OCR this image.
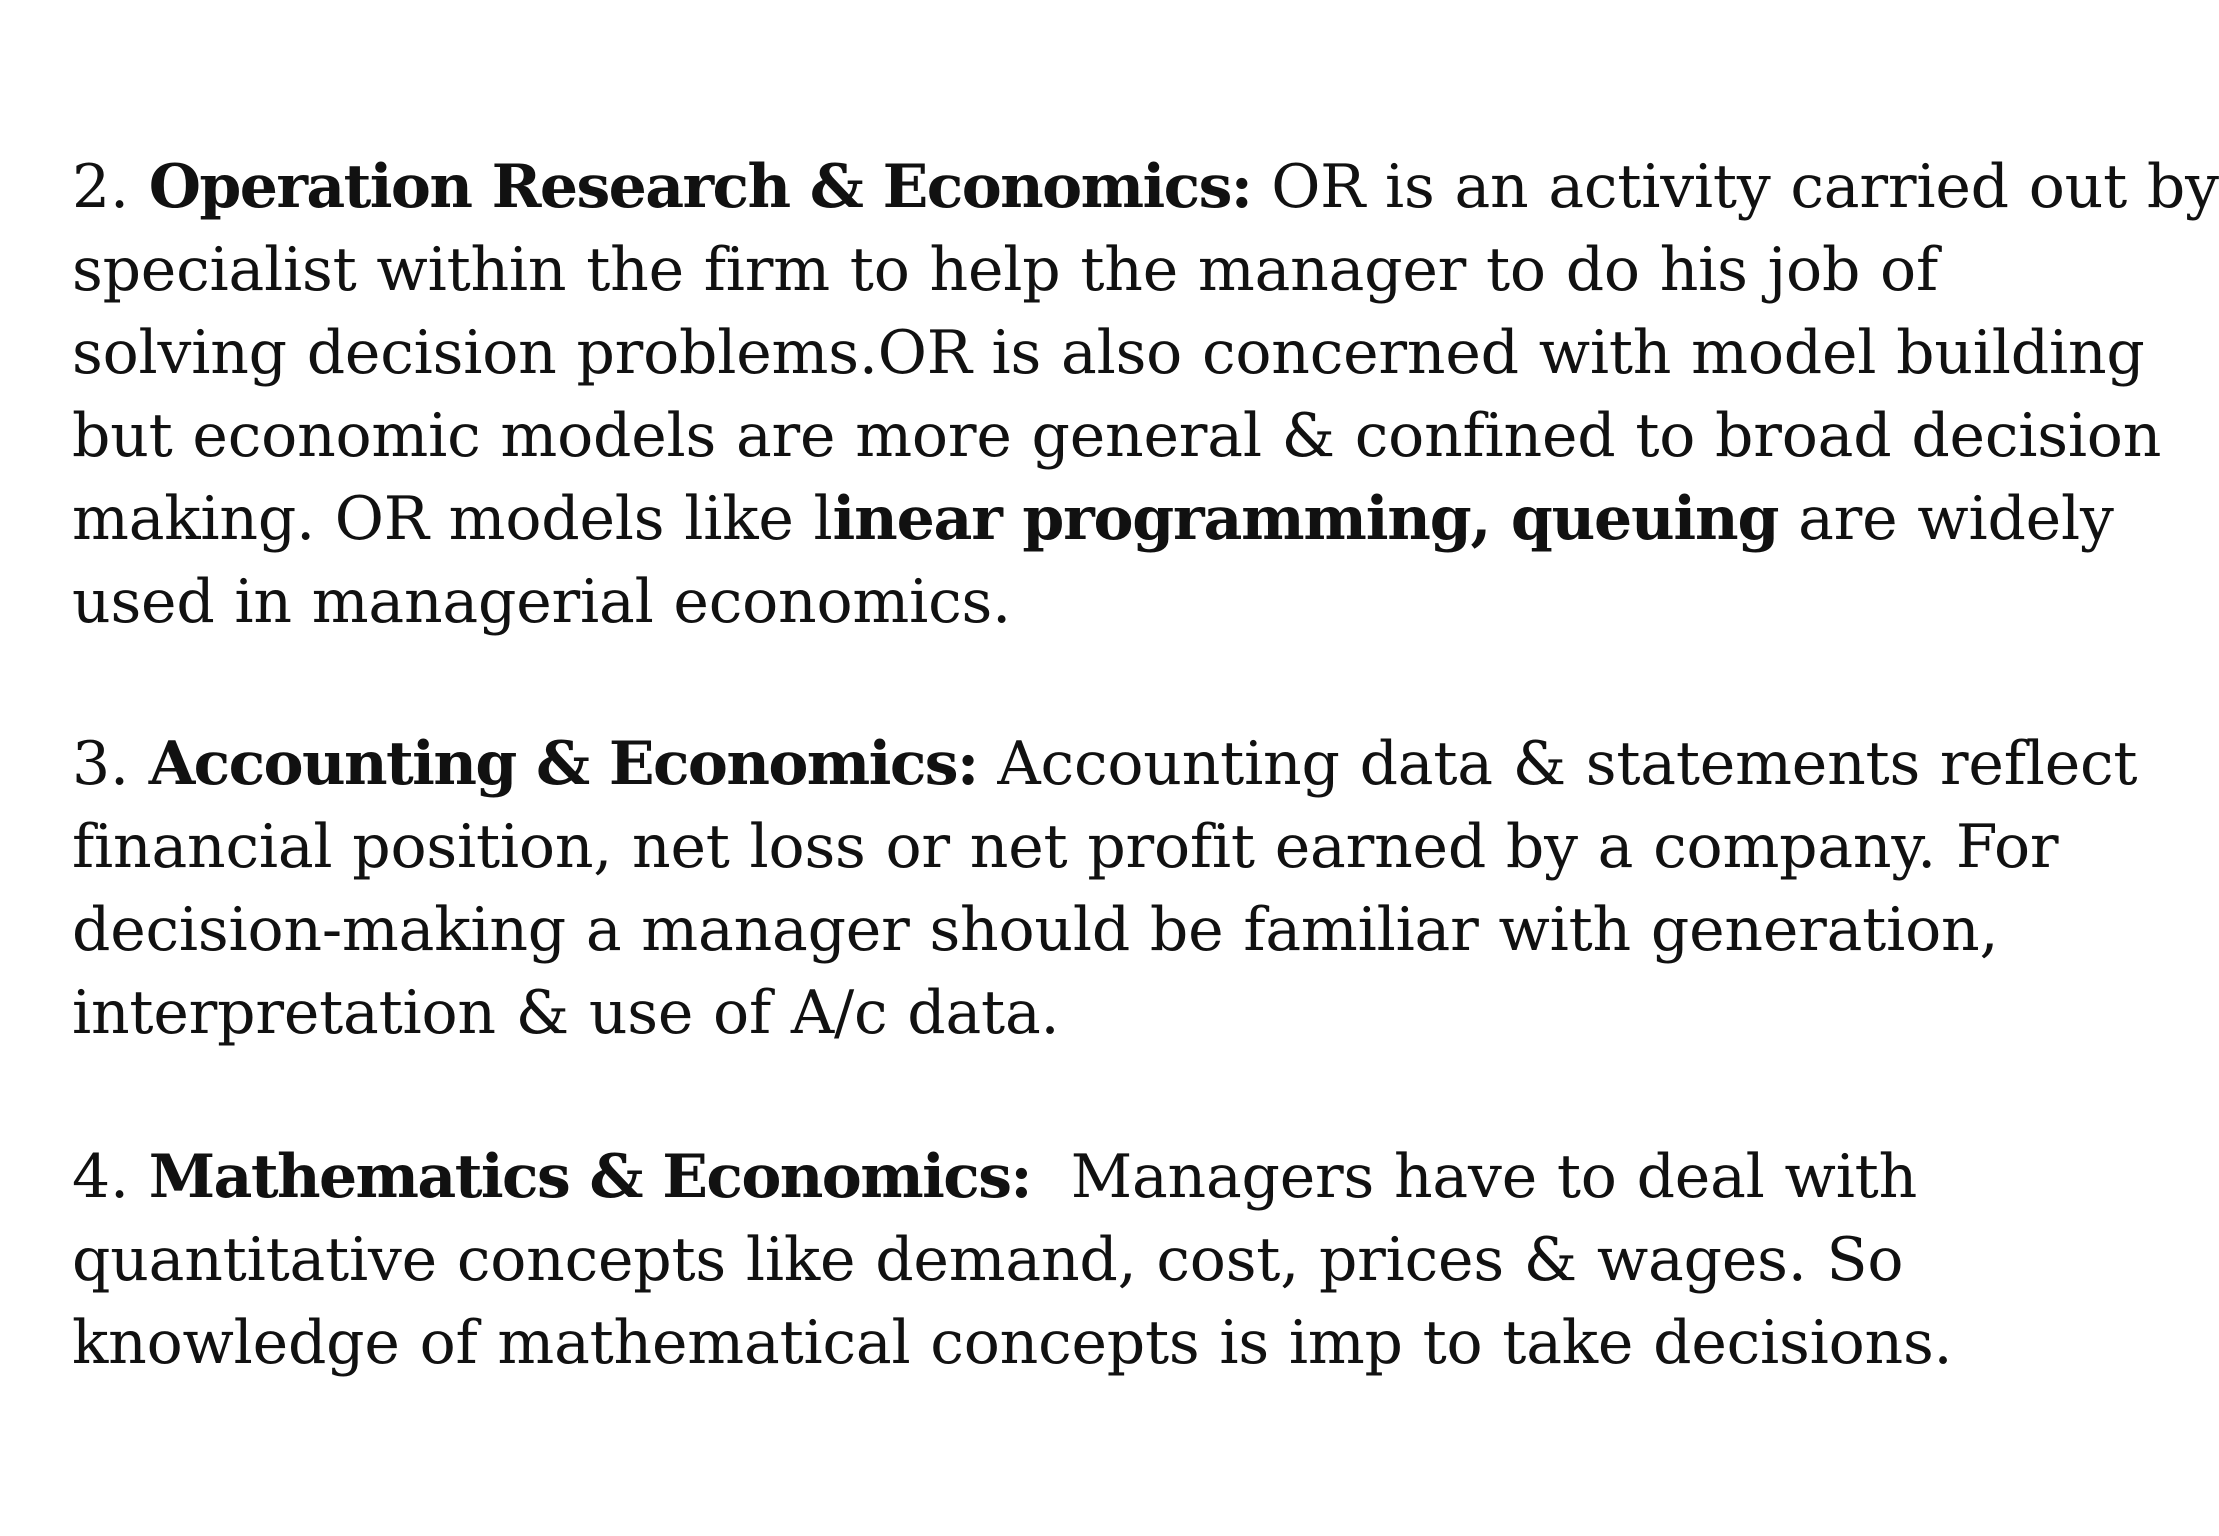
2. Operation Research & Economics: OR is an activity carried out by
specialist within the firm to help the manager to do his job of
solving decision problems.OR is also concerned with model building
but economic models are more general & confined to broad decision
making. OR models like linear programming, queuing are widely
used in managerial economics.

3. Accounting & Economics: Accounting data & statements reflect
financial position, net loss or net profit earned by a company. For
decision-making a manager should be familiar with generation,
interpretation & use of A/c data.

4. Mathematics & Economics: Managers have to deal with
quantitative concepts like demand, cost, prices & wages. So
knowledge of mathematical concepts is imp to take decisions.
